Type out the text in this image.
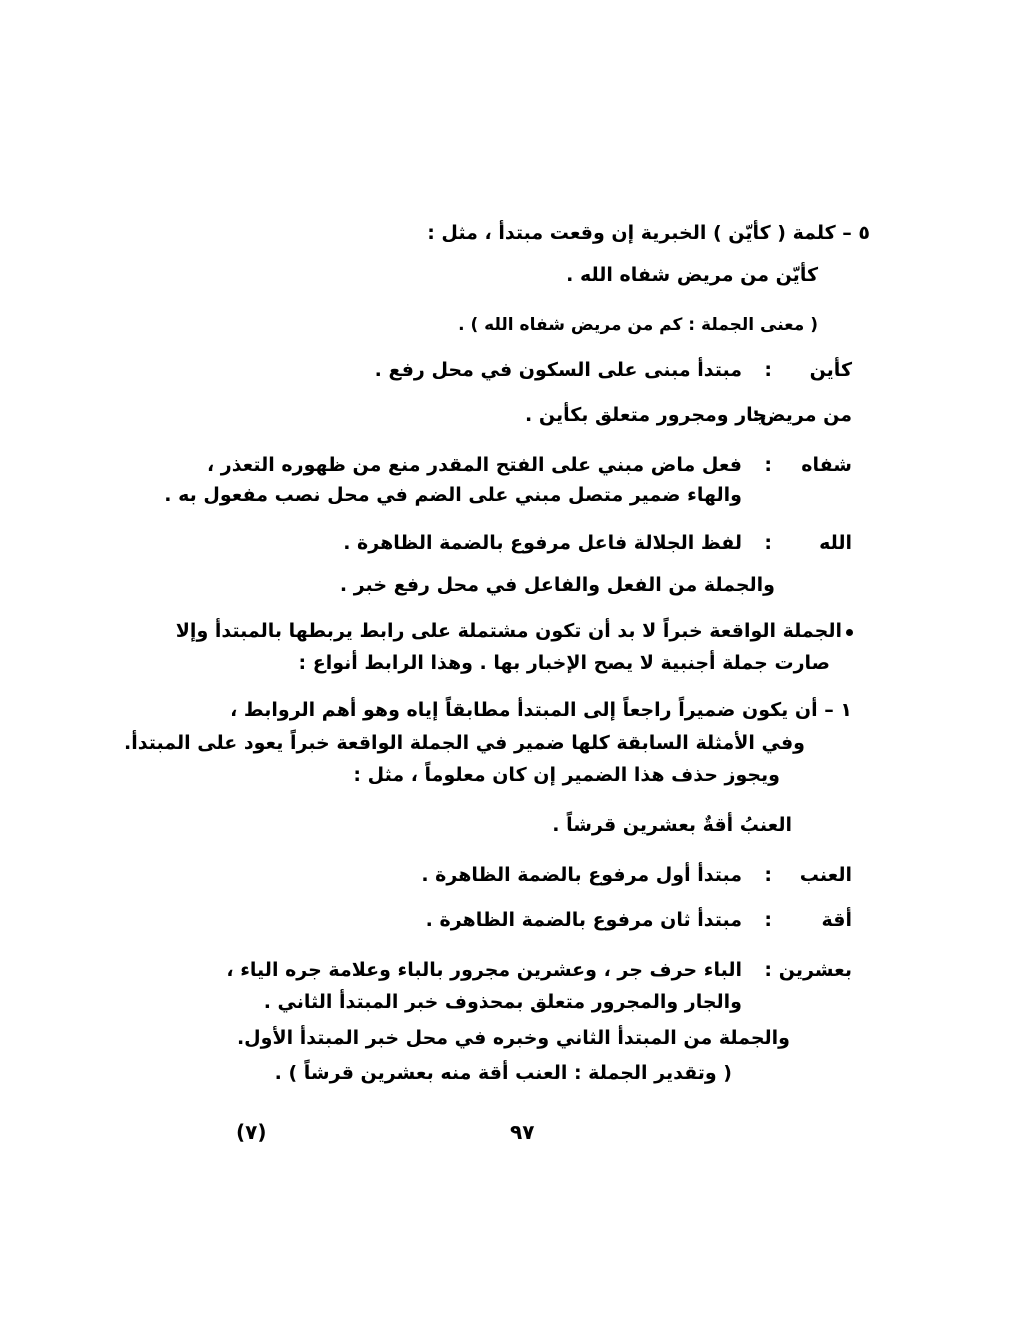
٥ – كلمة ( كأيّن ) الخبرية إن وقعت مبتدأ ، مثل :
كأيّن من مريض شفاه الله .
( معنى الجملة : كم من مريض شفاه الله ) .
كأين
:
مبتدأ مبنى على السكون في محل رفع .
من مريض:
جار ومجرور متعلق بكأين .
شفاه
:
فعل ماض مبني على الفتح المقدر منع من ظهوره التعذر ،
والهاء ضمير متصل مبني على الضم في محل نصب مفعول به .
الله
:
لفظ الجلالة فاعل مرفوع بالضمة الظاهرة .
والجملة من الفعل والفاعل في محل رفع خبر .
الجملة الواقعة خبراً لا بد أن تكون مشتملة على رابط يربطها بالمبتدأ وإلا
صارت جملة أجنبية لا يصح الإخبار بها . وهذا الرابط أنواع :
١ – أن يكون ضميراً راجعاً إلى المبتدأ مطابقاً إياه وهو أهم الروابط ،
وفي الأمثلة السابقة كلها ضمير في الجملة الواقعة خبراً يعود على المبتدأ.
ويجوز حذف هذا الضمير إن كان معلوماً ، مثل :
العنبُ أقةٌ بعشرين قرشاً .
العنب
:
مبتدأ أول مرفوع بالضمة الظاهرة .
أقة
:
مبتدأ ثان مرفوع بالضمة الظاهرة .
بعشرين
:
الباء حرف جر ، وعشرين مجرور بالباء وعلامة جره الياء ،
والجار والمجرور متعلق بمحذوف خبر المبتدأ الثاني .
والجملة من المبتدأ الثاني وخبره في محل خبر المبتدأ الأول.
( وتقدير الجملة : العنب أقة منه بعشرين قرشاً ) .
(٧)	٩٧
